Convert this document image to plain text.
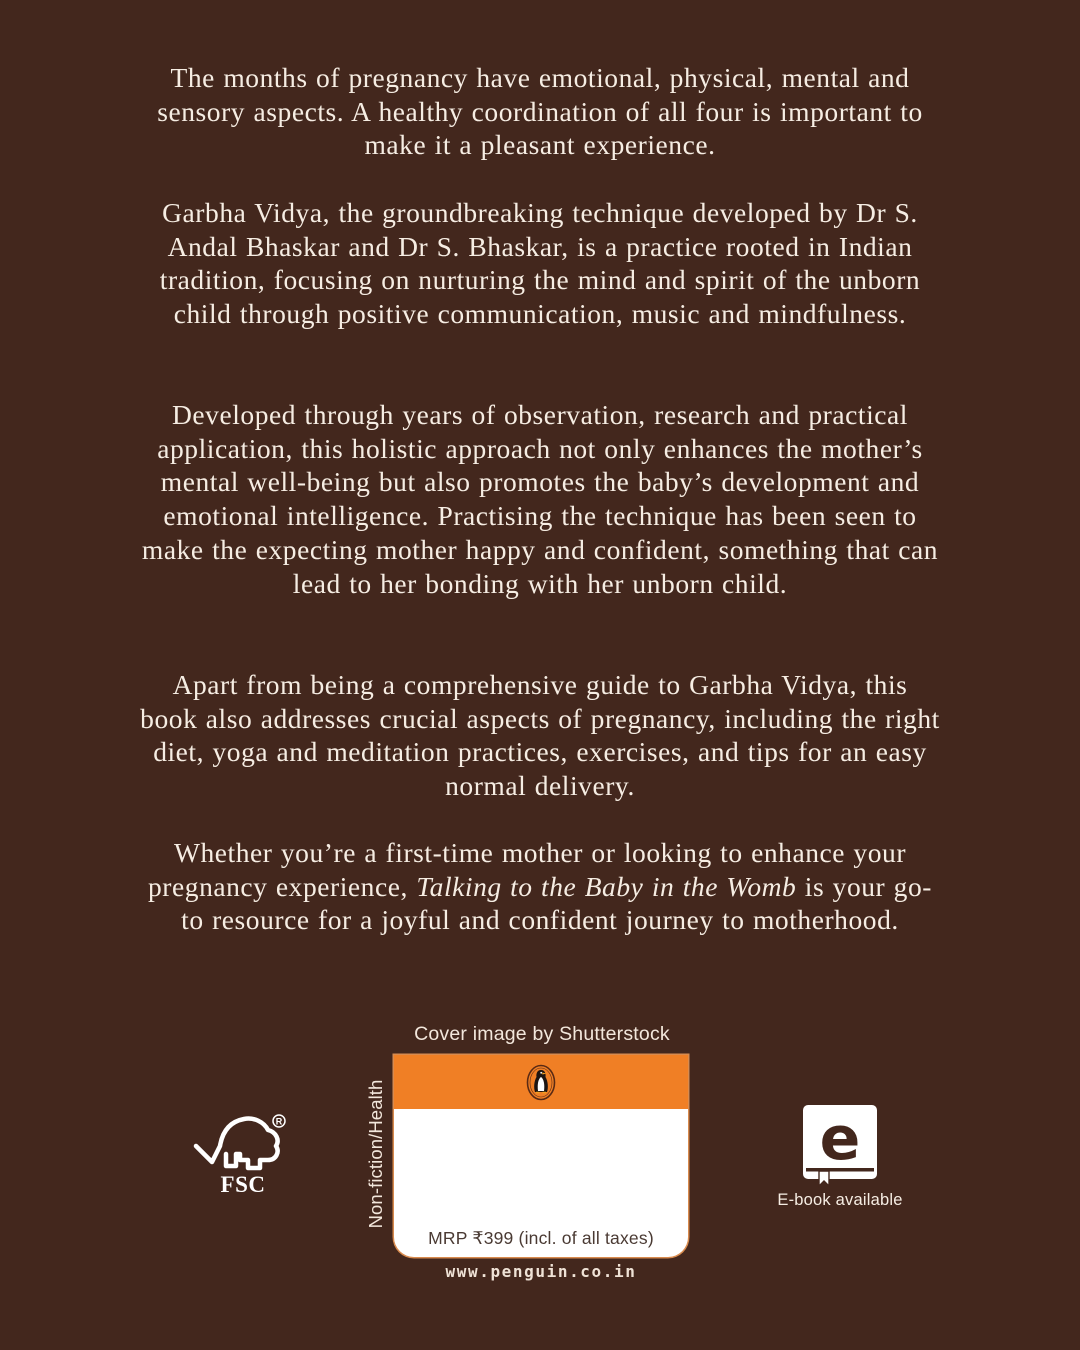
The months of pregnancy have emotional, physical, mental and sensory aspects. A healthy coordination of all four is important to make it a pleasant experience.

Garbha Vidya, the groundbreaking technique developed by Dr S. Andal Bhaskar and Dr S. Bhaskar, is a practice rooted in Indian tradition, focusing on nurturing the mind and spirit of the unborn child through positive communication, music and mindfulness.

Developed through years of observation, research and practical application, this holistic approach not only enhances the mother’s mental well-being but also promotes the baby’s development and emotional intelligence. Practising the technique has been seen to make the expecting mother happy and confident, something that can lead to her bonding with her unborn child.

Apart from being a comprehensive guide to Garbha Vidya, this book also addresses crucial aspects of pregnancy, including the right diet, yoga and meditation practices, exercises, and tips for an easy normal delivery.

Whether you’re a first-time mother or looking to enhance your pregnancy experience, Talking to the Baby in the Womb is your go-to resource for a joyful and confident journey to motherhood.

Cover image by Shutterstock
Non-fiction/Health
MRP ₹399 (incl. of all taxes)
www.penguin.co.in
R
FSC
e
E-book available
